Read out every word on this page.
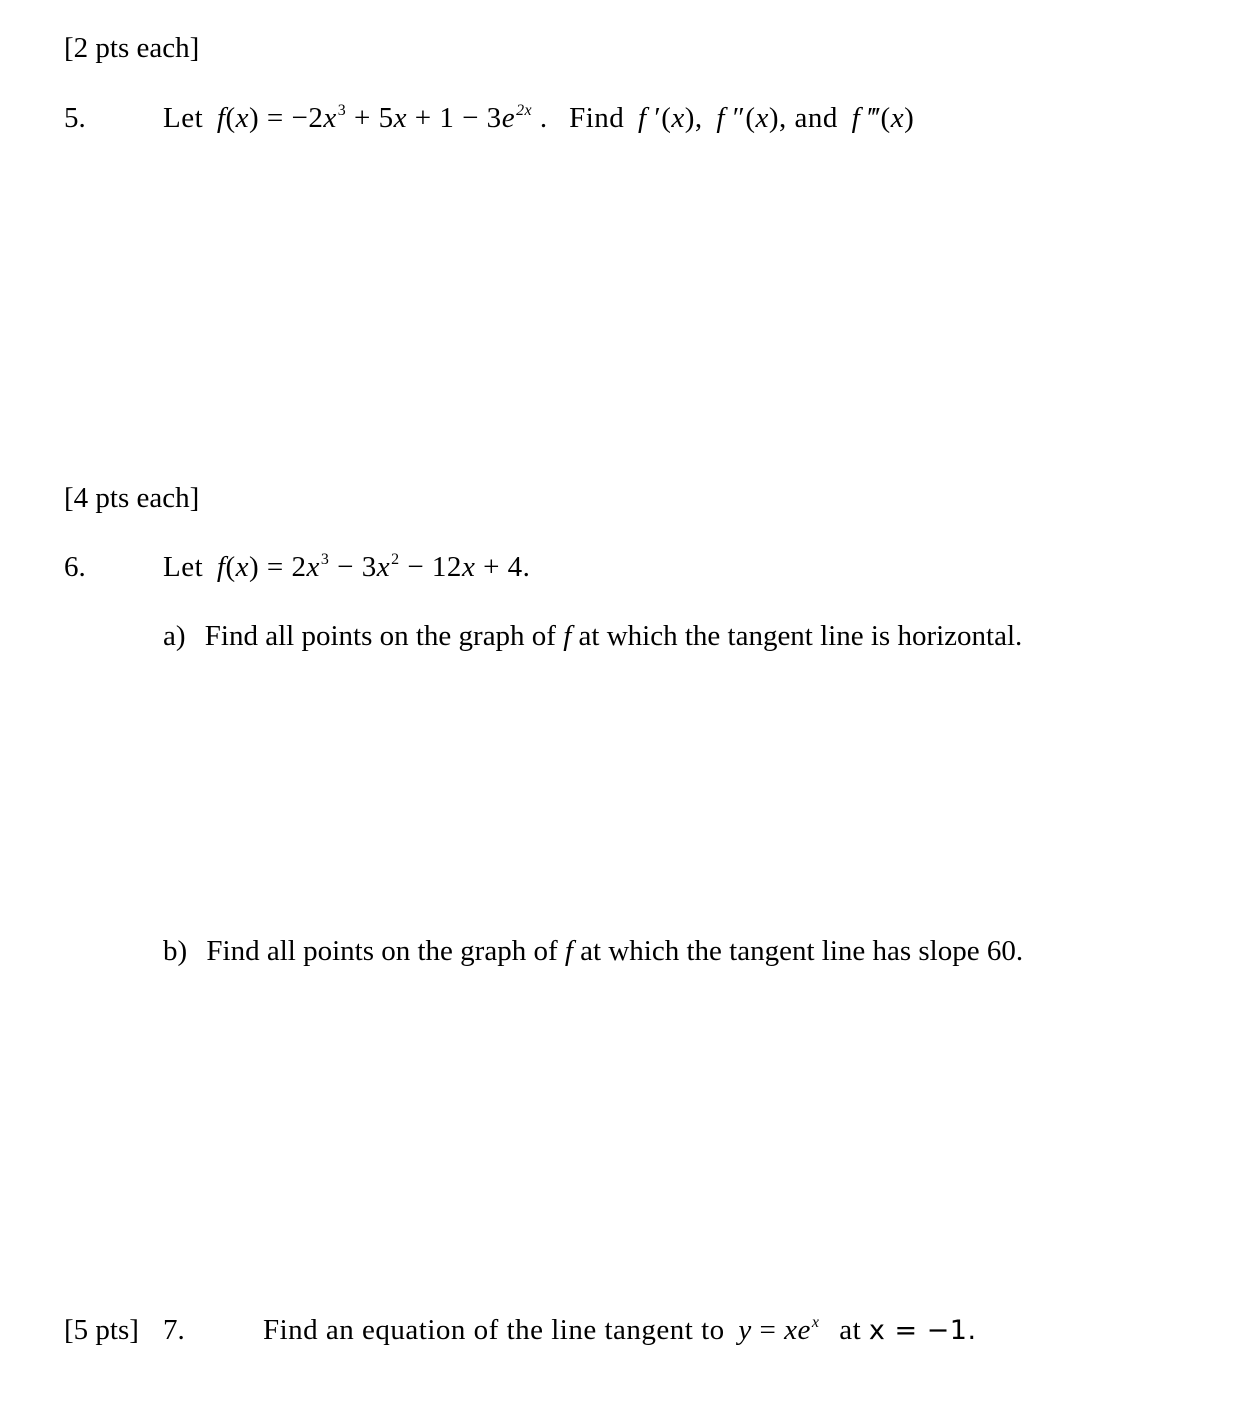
[2 pts each]
5.	Let $f(x) = -2x^3 + 5x + 1 - 3e^{2x}$ .  Find f ′(x), f ″(x), and f ‴(x)
[4 pts each]
6.	Let $f(x) = 2x^3 - 3x^2 - 12x + 4$.
a) Find all points on the graph of f at which the tangent line is horizontal.
b) Find all points on the graph of f at which the tangent line has slope 60.
[5 pts] 7.	Find an equation of the line tangent to $y = xe^x$ at x = −1.
